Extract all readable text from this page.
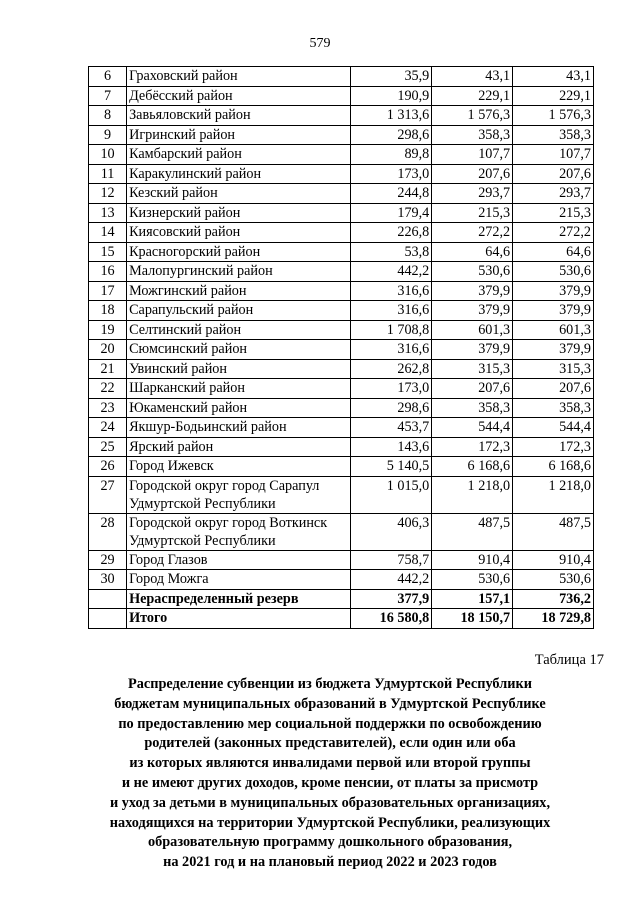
579
6	Граховский район	35,9	43,1	43,1
7	Дебёсский район	190,9	229,1	229,1
8	Завьяловский район	1 313,6	1 576,3	1 576,3
9	Игринский район	298,6	358,3	358,3
10	Камбарский район	89,8	107,7	107,7
11	Каракулинский район	173,0	207,6	207,6
12	Кезский район	244,8	293,7	293,7
13	Кизнерский район	179,4	215,3	215,3
14	Киясовский район	226,8	272,2	272,2
15	Красногорский район	53,8	64,6	64,6
16	Малопургинский район	442,2	530,6	530,6
17	Можгинский район	316,6	379,9	379,9
18	Сарапульский район	316,6	379,9	379,9
19	Селтинский район	1 708,8	601,3	601,3
20	Сюмсинский район	316,6	379,9	379,9
21	Увинский район	262,8	315,3	315,3
22	Шарканский район	173,0	207,6	207,6
23	Юкаменский район	298,6	358,3	358,3
24	Якшур-Бодьинский район	453,7	544,4	544,4
25	Ярский район	143,6	172,3	172,3
26	Город Ижевск	5 140,5	6 168,6	6 168,6
27	Городской округ город Сарапул Удмуртской Республики	1 015,0	1 218,0	1 218,0
28	Городской округ город Воткинск Удмуртской Республики	406,3	487,5	487,5
29	Город Глазов	758,7	910,4	910,4
30	Город Можга	442,2	530,6	530,6
	Нераспределенный резерв	377,9	157,1	736,2
	Итого	16 580,8	18 150,7	18 729,8
Таблица 17
Распределение субвенции из бюджета Удмуртской Республики
бюджетам муниципальных образований в Удмуртской Республике
по предоставлению мер социальной поддержки по освобождению
родителей (законных представителей), если один или оба
из которых являются инвалидами первой или второй группы
и не имеют других доходов, кроме пенсии, от платы за присмотр
и уход за детьми в муниципальных образовательных организациях,
находящихся на территории Удмуртской Республики, реализующих
образовательную программу дошкольного образования,
на 2021 год и на плановый период 2022 и 2023 годов
